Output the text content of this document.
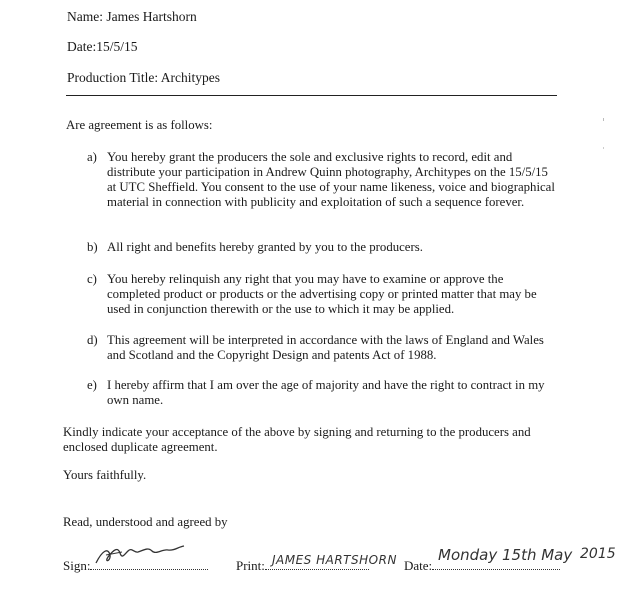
Name: James Hartshorn
Date:15/5/15
Production Title: Architypes

Are agreement is as follows:

a) You hereby grant the producers the sole and exclusive rights to record, edit and distribute your participation in Andrew Quinn photography, Architypes on the 15/5/15 at UTC Sheffield. You consent to the use of your name likeness, voice and biographical material in connection with publicity and exploitation of such a sequence forever.
b) All right and benefits hereby granted by you to the producers.
c) You hereby relinquish any right that you may have to examine or approve the completed product or products or the advertising copy or printed matter that may be used in conjunction therewith or the use to which it may be applied.
d) This agreement will be interpreted in accordance with the laws of England and Wales and Scotland and the Copyright Design and patents Act of 1988.
e) I hereby affirm that I am over the age of majority and have the right to contract in my own name.

Kindly indicate your acceptance of the above by signing and returning to the producers and enclosed duplicate agreement.

Yours faithfully.

Read, understood and agreed by

Sign:	Print: JAMES HARTSHORN Date:
Monday 15th May 2015
